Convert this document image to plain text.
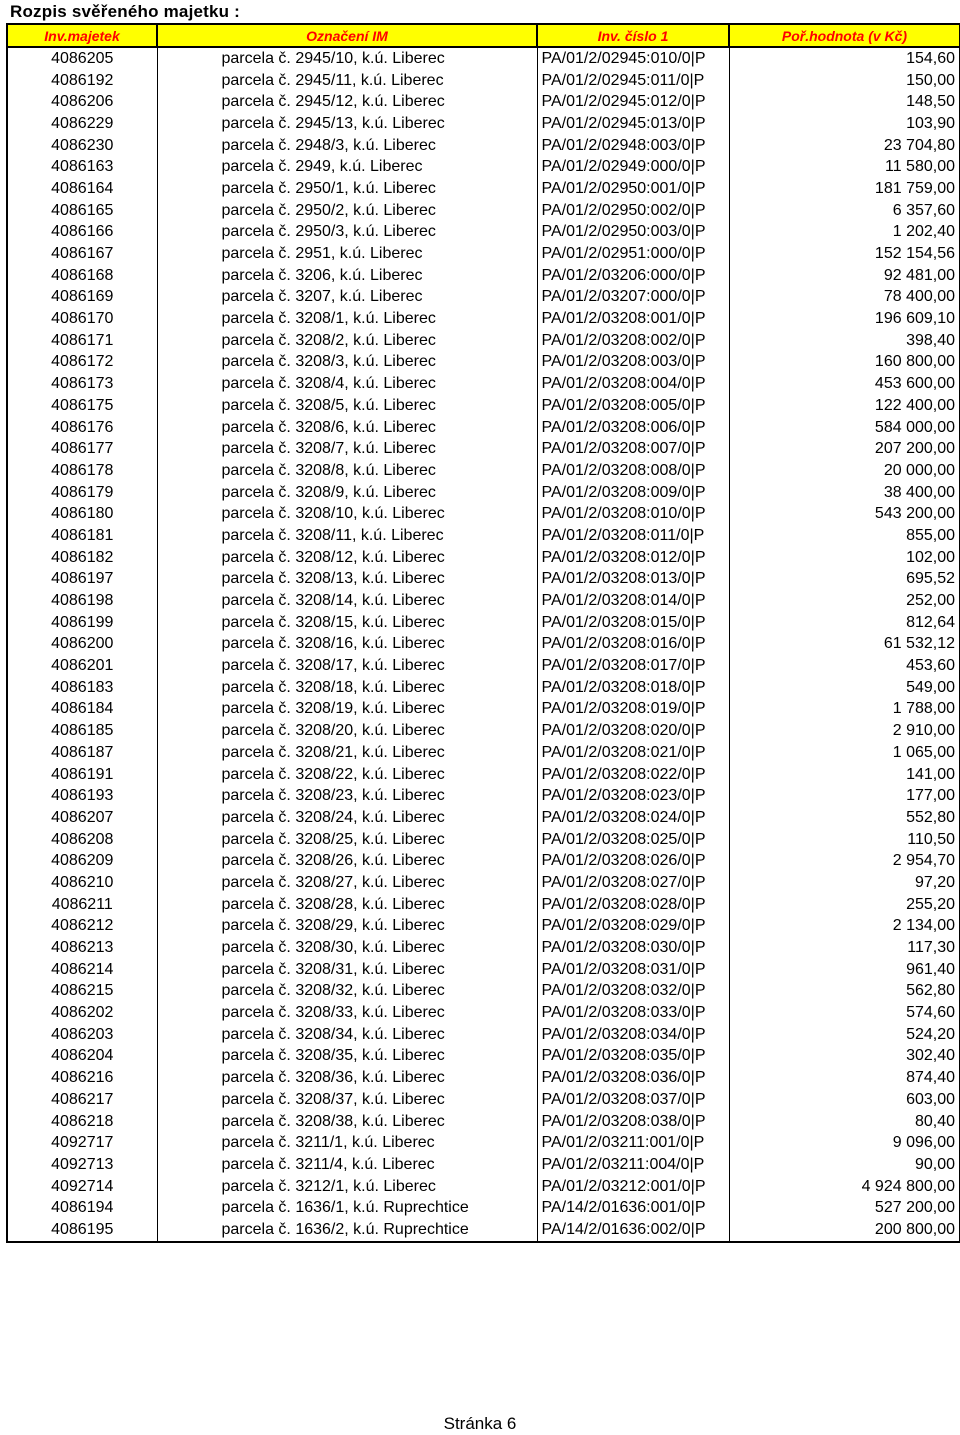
Rozpis svěřeného majetku :
Inv.majetek	Označení IM	Inv. číslo 1	Poř.hodnota (v Kč)
4086205	parcela č. 2945/10, k.ú. Liberec	PA/01/2/02945:010/0|P	154,60
4086192	parcela č. 2945/11, k.ú. Liberec	PA/01/2/02945:011/0|P	150,00
4086206	parcela č. 2945/12, k.ú. Liberec	PA/01/2/02945:012/0|P	148,50
4086229	parcela č. 2945/13, k.ú. Liberec	PA/01/2/02945:013/0|P	103,90
4086230	parcela č. 2948/3, k.ú. Liberec	PA/01/2/02948:003/0|P	23 704,80
4086163	parcela č. 2949, k.ú. Liberec	PA/01/2/02949:000/0|P	11 580,00
4086164	parcela č. 2950/1, k.ú. Liberec	PA/01/2/02950:001/0|P	181 759,00
4086165	parcela č. 2950/2, k.ú. Liberec	PA/01/2/02950:002/0|P	6 357,60
4086166	parcela č. 2950/3, k.ú. Liberec	PA/01/2/02950:003/0|P	1 202,40
4086167	parcela č. 2951, k.ú. Liberec	PA/01/2/02951:000/0|P	152 154,56
4086168	parcela č. 3206, k.ú. Liberec	PA/01/2/03206:000/0|P	92 481,00
4086169	parcela č. 3207, k.ú. Liberec	PA/01/2/03207:000/0|P	78 400,00
4086170	parcela č. 3208/1, k.ú. Liberec	PA/01/2/03208:001/0|P	196 609,10
4086171	parcela č. 3208/2, k.ú. Liberec	PA/01/2/03208:002/0|P	398,40
4086172	parcela č. 3208/3, k.ú. Liberec	PA/01/2/03208:003/0|P	160 800,00
4086173	parcela č. 3208/4, k.ú. Liberec	PA/01/2/03208:004/0|P	453 600,00
4086175	parcela č. 3208/5, k.ú. Liberec	PA/01/2/03208:005/0|P	122 400,00
4086176	parcela č. 3208/6, k.ú. Liberec	PA/01/2/03208:006/0|P	584 000,00
4086177	parcela č. 3208/7, k.ú. Liberec	PA/01/2/03208:007/0|P	207 200,00
4086178	parcela č. 3208/8, k.ú. Liberec	PA/01/2/03208:008/0|P	20 000,00
4086179	parcela č. 3208/9, k.ú. Liberec	PA/01/2/03208:009/0|P	38 400,00
4086180	parcela č. 3208/10, k.ú. Liberec	PA/01/2/03208:010/0|P	543 200,00
4086181	parcela č. 3208/11, k.ú. Liberec	PA/01/2/03208:011/0|P	855,00
4086182	parcela č. 3208/12, k.ú. Liberec	PA/01/2/03208:012/0|P	102,00
4086197	parcela č. 3208/13, k.ú. Liberec	PA/01/2/03208:013/0|P	695,52
4086198	parcela č. 3208/14, k.ú. Liberec	PA/01/2/03208:014/0|P	252,00
4086199	parcela č. 3208/15, k.ú. Liberec	PA/01/2/03208:015/0|P	812,64
4086200	parcela č. 3208/16, k.ú. Liberec	PA/01/2/03208:016/0|P	61 532,12
4086201	parcela č. 3208/17, k.ú. Liberec	PA/01/2/03208:017/0|P	453,60
4086183	parcela č. 3208/18, k.ú. Liberec	PA/01/2/03208:018/0|P	549,00
4086184	parcela č. 3208/19, k.ú. Liberec	PA/01/2/03208:019/0|P	1 788,00
4086185	parcela č. 3208/20, k.ú. Liberec	PA/01/2/03208:020/0|P	2 910,00
4086187	parcela č. 3208/21, k.ú. Liberec	PA/01/2/03208:021/0|P	1 065,00
4086191	parcela č. 3208/22, k.ú. Liberec	PA/01/2/03208:022/0|P	141,00
4086193	parcela č. 3208/23, k.ú. Liberec	PA/01/2/03208:023/0|P	177,00
4086207	parcela č. 3208/24, k.ú. Liberec	PA/01/2/03208:024/0|P	552,80
4086208	parcela č. 3208/25, k.ú. Liberec	PA/01/2/03208:025/0|P	110,50
4086209	parcela č. 3208/26, k.ú. Liberec	PA/01/2/03208:026/0|P	2 954,70
4086210	parcela č. 3208/27, k.ú. Liberec	PA/01/2/03208:027/0|P	97,20
4086211	parcela č. 3208/28, k.ú. Liberec	PA/01/2/03208:028/0|P	255,20
4086212	parcela č. 3208/29, k.ú. Liberec	PA/01/2/03208:029/0|P	2 134,00
4086213	parcela č. 3208/30, k.ú. Liberec	PA/01/2/03208:030/0|P	117,30
4086214	parcela č. 3208/31, k.ú. Liberec	PA/01/2/03208:031/0|P	961,40
4086215	parcela č. 3208/32, k.ú. Liberec	PA/01/2/03208:032/0|P	562,80
4086202	parcela č. 3208/33, k.ú. Liberec	PA/01/2/03208:033/0|P	574,60
4086203	parcela č. 3208/34, k.ú. Liberec	PA/01/2/03208:034/0|P	524,20
4086204	parcela č. 3208/35, k.ú. Liberec	PA/01/2/03208:035/0|P	302,40
4086216	parcela č. 3208/36, k.ú. Liberec	PA/01/2/03208:036/0|P	874,40
4086217	parcela č. 3208/37, k.ú. Liberec	PA/01/2/03208:037/0|P	603,00
4086218	parcela č. 3208/38, k.ú. Liberec	PA/01/2/03208:038/0|P	80,40
4092717	parcela č. 3211/1, k.ú. Liberec	PA/01/2/03211:001/0|P	9 096,00
4092713	parcela č. 3211/4, k.ú. Liberec	PA/01/2/03211:004/0|P	90,00
4092714	parcela č. 3212/1, k.ú. Liberec	PA/01/2/03212:001/0|P	4 924 800,00
4086194	parcela č. 1636/1, k.ú. Ruprechtice	PA/14/2/01636:001/0|P	527 200,00
4086195	parcela č. 1636/2, k.ú. Ruprechtice	PA/14/2/01636:002/0|P	200 800,00
Stránka 6
